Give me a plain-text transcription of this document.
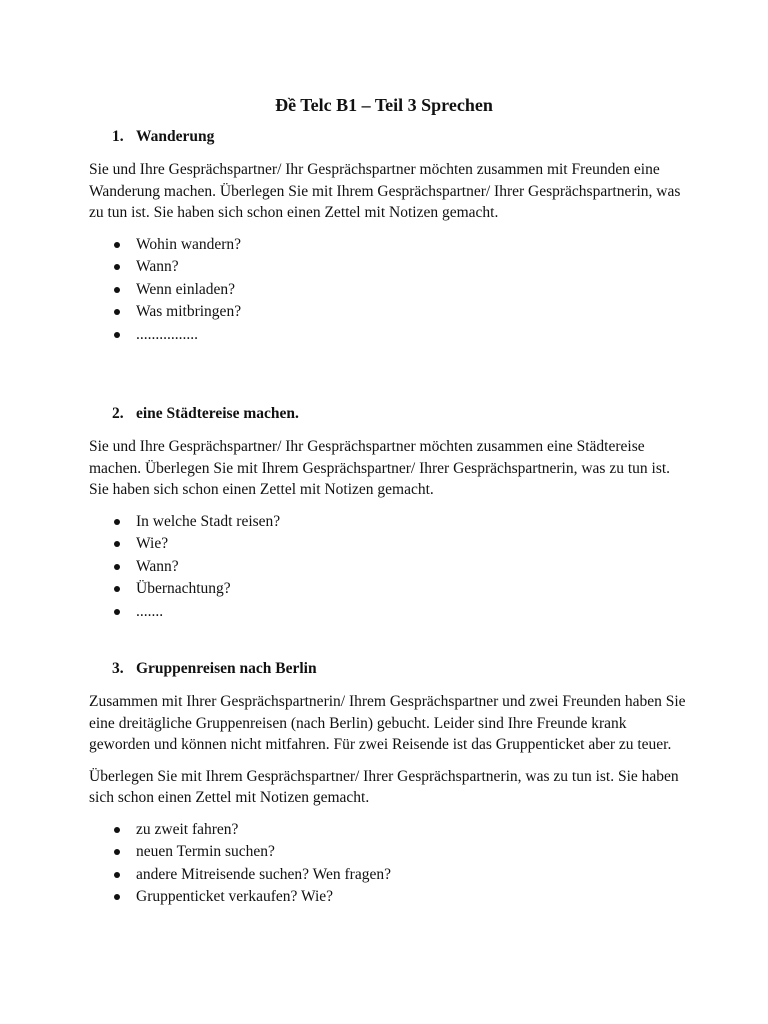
Đề Telc B1 – Teil 3 Sprechen
1. Wanderung

Sie und Ihre Gesprächspartner/ Ihr Gesprächspartner möchten zusammen mit Freunden eine Wanderung machen. Überlegen Sie mit Ihrem Gesprächspartner/ Ihrer Gesprächspartnerin, was zu tun ist. Sie haben sich schon einen Zettel mit Notizen gemacht.

Wohin wandern?
Wann?
Wenn einladen?
Was mitbringen?
................
2. eine Städtereise machen.

Sie und Ihre Gesprächspartner/ Ihr Gesprächspartner möchten zusammen eine Städtereise machen. Überlegen Sie mit Ihrem Gesprächspartner/ Ihrer Gesprächspartnerin, was zu tun ist. Sie haben sich schon einen Zettel mit Notizen gemacht.

In welche Stadt reisen?
Wie?
Wann?
Übernachtung?
.......
3. Gruppenreisen nach Berlin

Zusammen mit Ihrer Gesprächspartnerin/ Ihrem Gesprächspartner und zwei Freunden haben Sie eine dreitägliche Gruppenreisen (nach Berlin) gebucht. Leider sind Ihre Freunde krank geworden und können nicht mitfahren. Für zwei Reisende ist das Gruppenticket aber zu teuer.

Überlegen Sie mit Ihrem Gesprächspartner/ Ihrer Gesprächspartnerin, was zu tun ist. Sie haben sich schon einen Zettel mit Notizen gemacht.

zu zweit fahren?
neuen Termin suchen?
andere Mitreisende suchen? Wen fragen?
Gruppenticket verkaufen? Wie?
